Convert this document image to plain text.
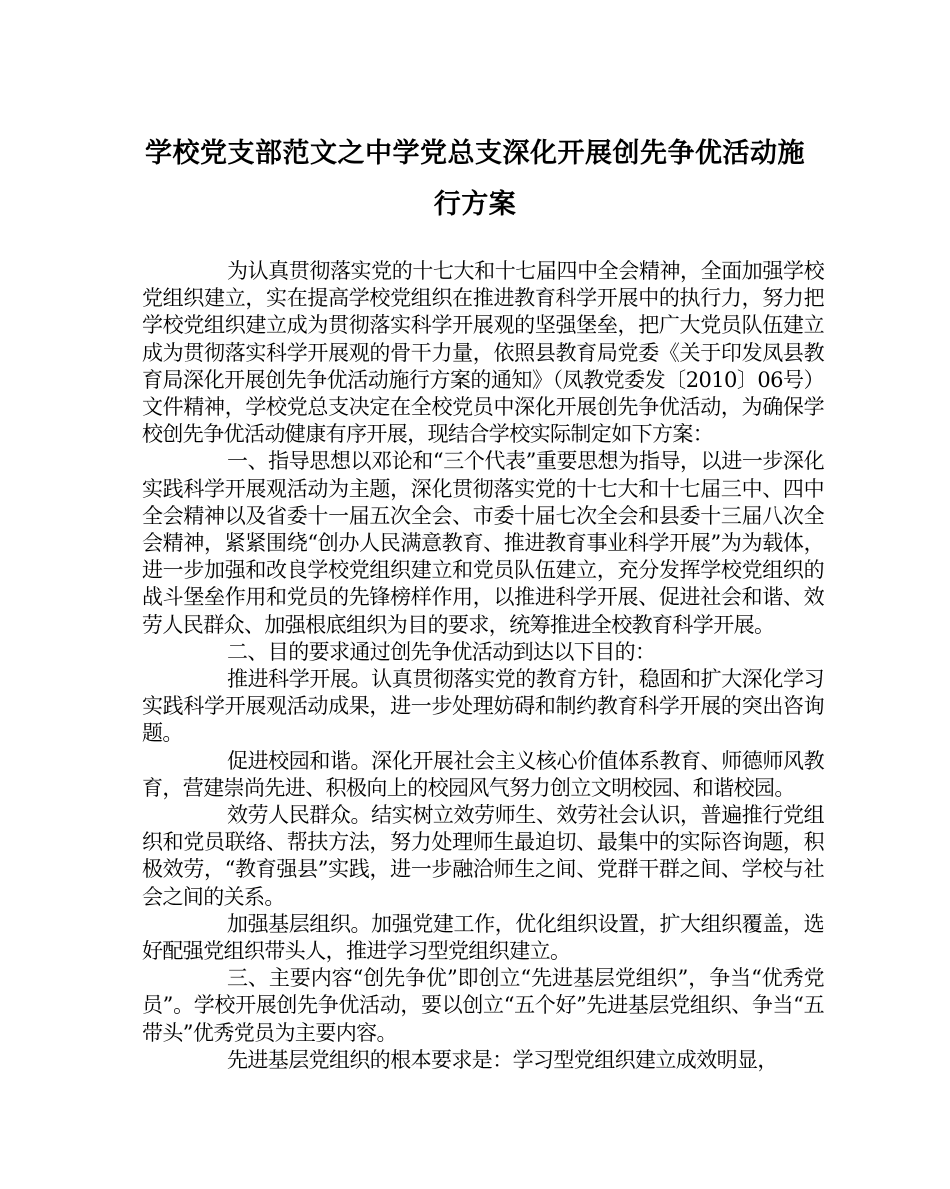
学校党支部范文之中学党总支深化开展创先争优活动施
行方案

为认真贯彻落实党的十七大和十七届四中全会精神，全面加强学校党组织建立，实在提高学校党组织在推进教育科学开展中的执行力，努力把学校党组织建立成为贯彻落实科学开展观的坚强堡垒，把广大党员队伍建立成为贯彻落实科学开展观的骨干力量，依照县教育局党委《关于印发凤县教育局深化开展创先争优活动施行方案的通知》（凤教党委发〔2010〕06号）文件精神，学校党总支决定在全校党员中深化开展创先争优活动，为确保学校创先争优活动健康有序开展，现结合学校实际制定如下方案：

一、指导思想以邓论和“三个代表”重要思想为指导，以进一步深化实践科学开展观活动为主题，深化贯彻落实党的十七大和十七届三中、四中全会精神以及省委十一届五次全会、市委十届七次全会和县委十三届八次全会精神，紧紧围绕“创办人民满意教育、推进教育事业科学开展”为为载体，进一步加强和改良学校党组织建立和党员队伍建立，充分发挥学校党组织的战斗堡垒作用和党员的先锋榜样作用，以推进科学开展、促进社会和谐、效劳人民群众、加强根底组织为目的要求，统筹推进全校教育科学开展。

二、目的要求通过创先争优活动到达以下目的：

推进科学开展。认真贯彻落实党的教育方针，稳固和扩大深化学习实践科学开展观活动成果，进一步处理妨碍和制约教育科学开展的突出咨询题。

促进校园和谐。深化开展社会主义核心价值体系教育、师德师风教育，营建崇尚先进、积极向上的校园风气努力创立文明校园、和谐校园。

效劳人民群众。结实树立效劳师生、效劳社会认识，普遍推行党组织和党员联络、帮扶方法，努力处理师生最迫切、最集中的实际咨询题，积极效劳，“教育强县”实践，进一步融洽师生之间、党群干群之间、学校与社会之间的关系。

加强基层组织。加强党建工作，优化组织设置，扩大组织覆盖，选好配强党组织带头人，推进学习型党组织建立。

三、主要内容“创先争优”即创立“先进基层党组织”，争当“优秀党员”。学校开展创先争优活动，要以创立“五个好”先进基层党组织、争当“五带头”优秀党员为主要内容。

先进基层党组织的根本要求是：学习型党组织建立成效明显，
